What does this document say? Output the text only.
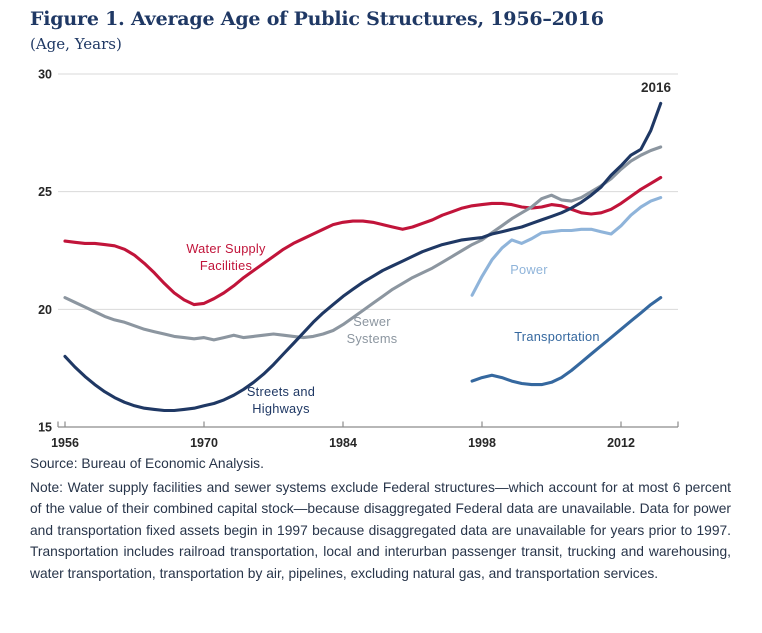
Figure 1. Average Age of Public Structures, 1956–2016
(Age, Years)
Water Supply
Facilities
Sewer
Systems
Streets and
Highways
Power
Transportation
2016
30
25
20
15
1956	1970	1984	1998	2012
Source: Bureau of Economic Analysis.
Note: Water supply facilities and sewer systems exclude Federal structures—which account for at most 6 percent of the value of their combined capital stock—because disaggregated Federal data are unavailable. Data for power and transportation fixed assets begin in 1997 because disaggregated data are unavailable for years prior to 1997. Transportation includes railroad transportation, local and interurban passenger transit, trucking and warehousing, water transportation, transportation by air, pipelines, excluding natural gas, and transportation services.
